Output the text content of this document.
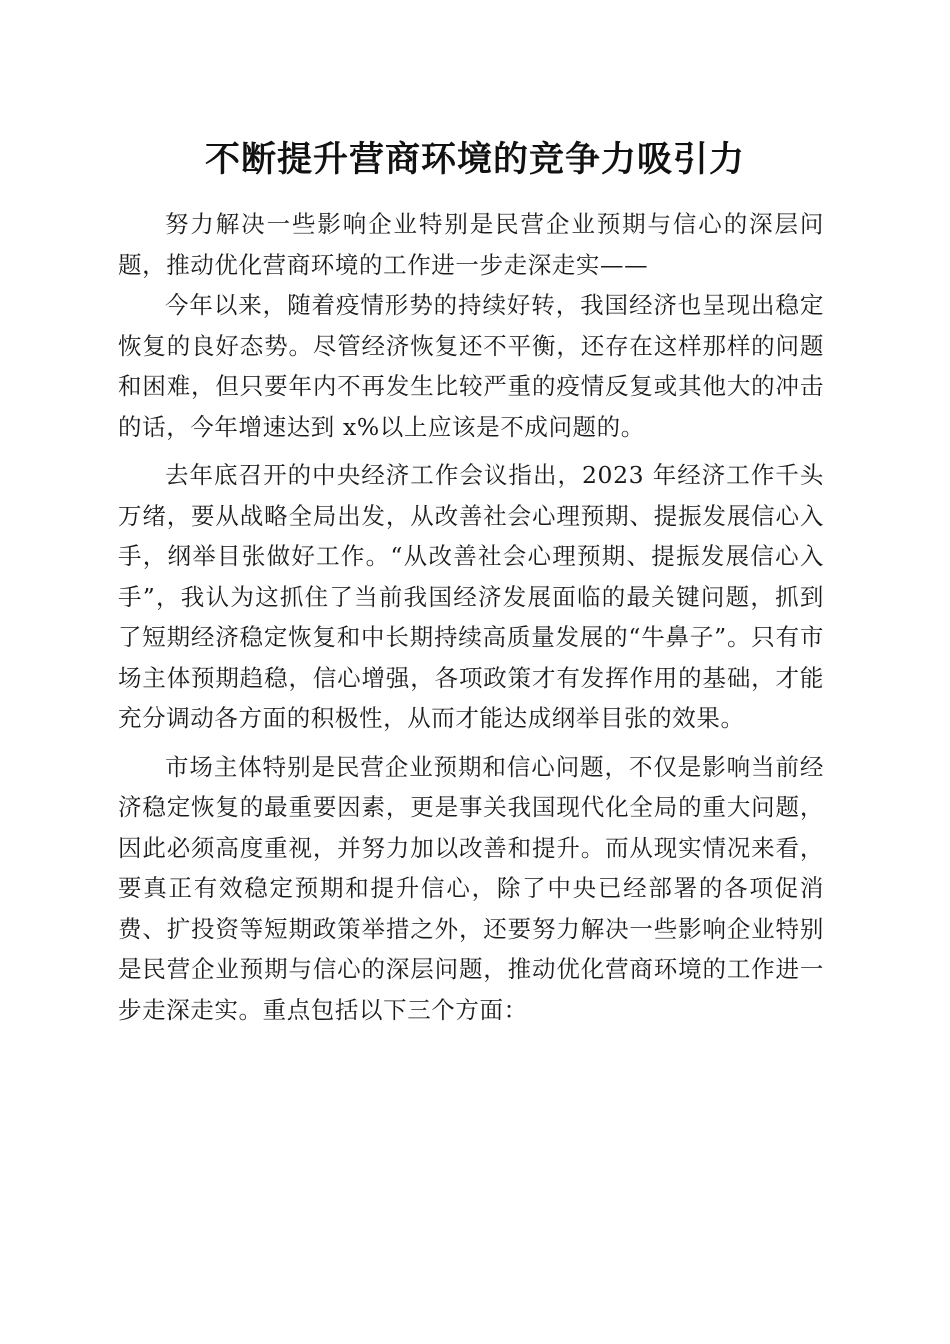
不断提升营商环境的竞争力吸引力

努力解决一些影响企业特别是民营企业预期与信心的深层问题，推动优化营商环境的工作进一步走深走实——

今年以来，随着疫情形势的持续好转，我国经济也呈现出稳定恢复的良好态势。尽管经济恢复还不平衡，还存在这样那样的问题和困难，但只要年内不再发生比较严重的疫情反复或其他大的冲击的话，今年增速达到 x%以上应该是不成问题的。

去年底召开的中央经济工作会议指出，2023 年经济工作千头万绪，要从战略全局出发，从改善社会心理预期、提振发展信心入手，纲举目张做好工作。“从改善社会心理预期、提振发展信心入手”，我认为这抓住了当前我国经济发展面临的最关键问题，抓到了短期经济稳定恢复和中长期持续高质量发展的“牛鼻子”。只有市场主体预期趋稳，信心增强，各项政策才有发挥作用的基础，才能充分调动各方面的积极性，从而才能达成纲举目张的效果。

市场主体特别是民营企业预期和信心问题，不仅是影响当前经济稳定恢复的最重要因素，更是事关我国现代化全局的重大问题，因此必须高度重视，并努力加以改善和提升。而从现实情况来看，要真正有效稳定预期和提升信心，除了中央已经部署的各项促消费、扩投资等短期政策举措之外，还要努力解决一些影响企业特别是民营企业预期与信心的深层问题，推动优化营商环境的工作进一步走深走实。重点包括以下三个方面：
